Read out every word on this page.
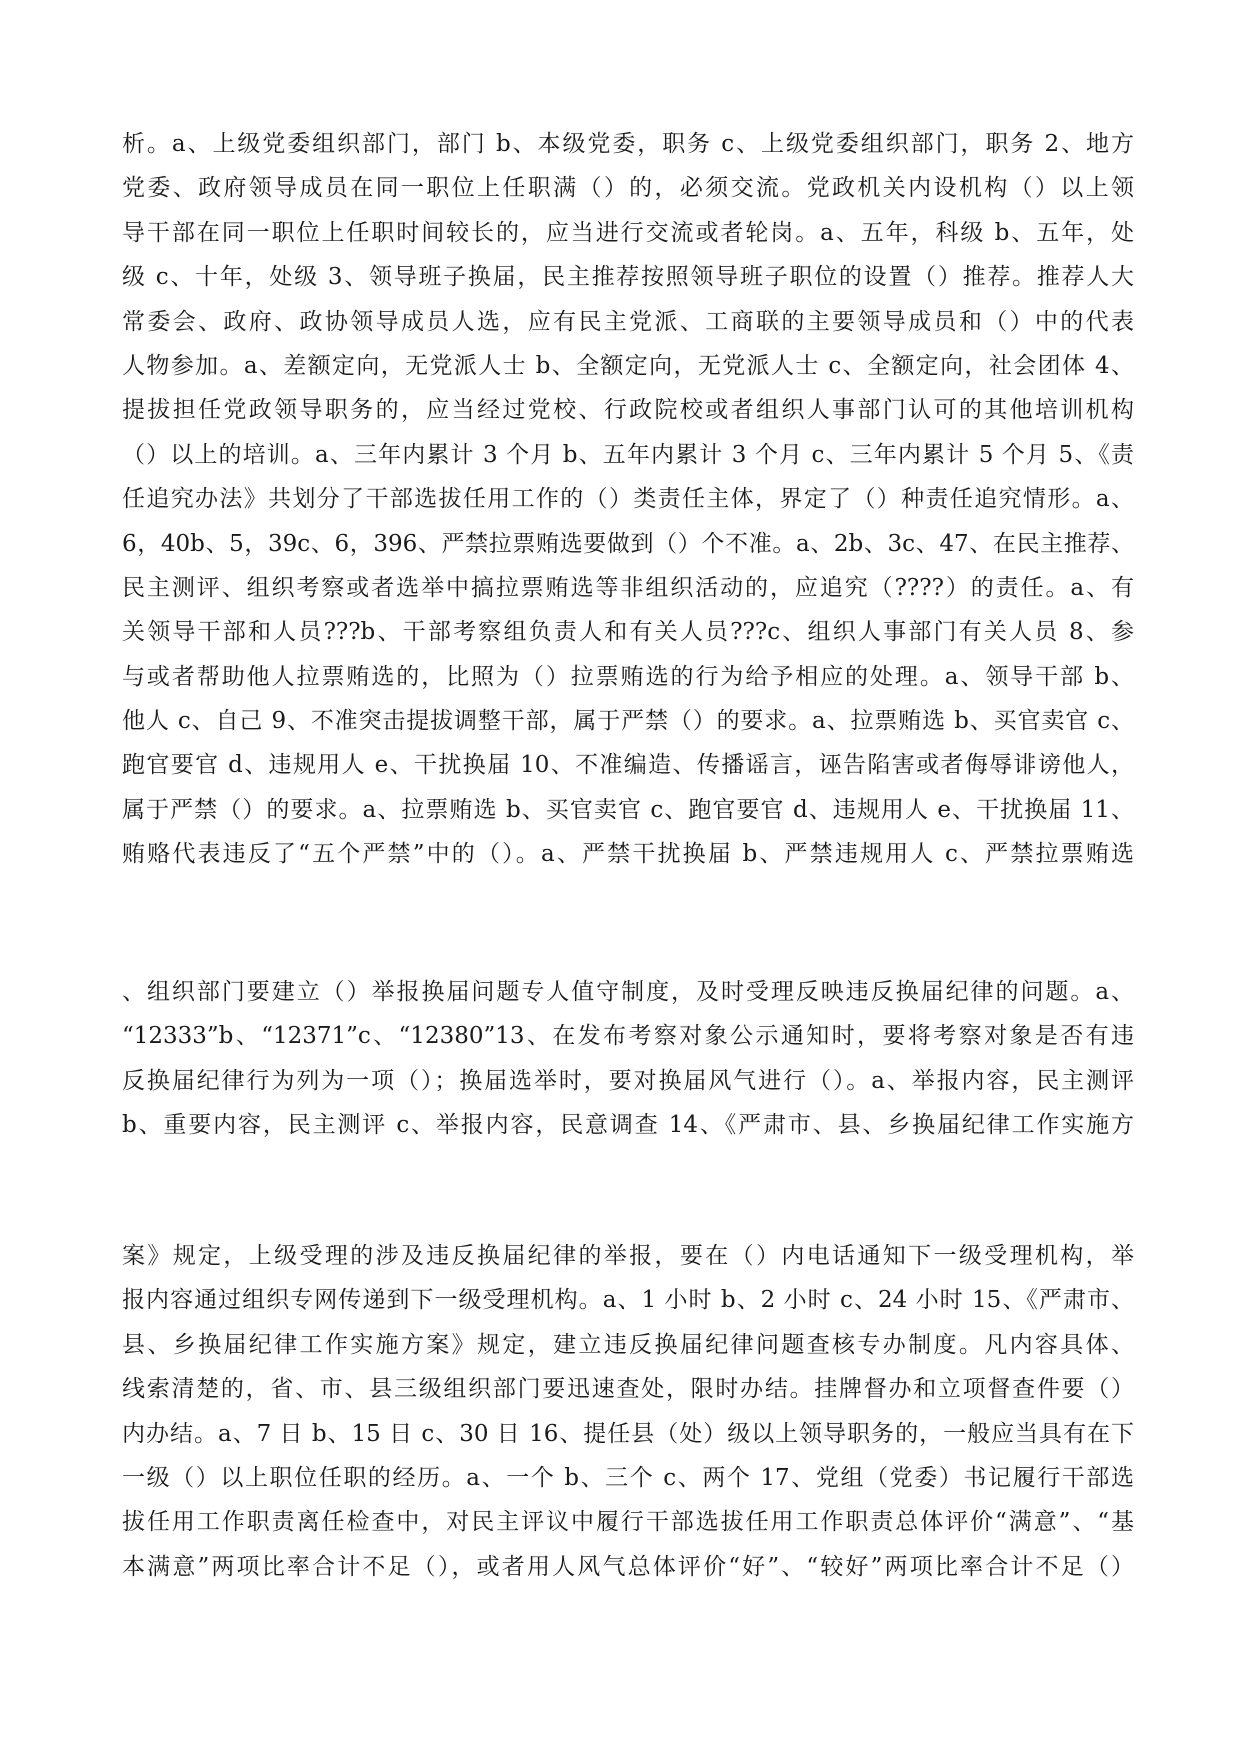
析。a、上级党委组织部门，部门 b、本级党委，职务 c、上级党委组织部门，职务 2、地方
党委、政府领导成员在同一职位上任职满（）的，必须交流。党政机关内设机构（）以上领
导干部在同一职位上任职时间较长的，应当进行交流或者轮岗。a、五年，科级 b、五年，处
级 c、十年，处级 3、领导班子换届，民主推荐按照领导班子职位的设置（）推荐。推荐人大
常委会、政府、政协领导成员人选，应有民主党派、工商联的主要领导成员和（）中的代表
人物参加。a、差额定向，无党派人士 b、全额定向，无党派人士 c、全额定向，社会团体 4、
提拔担任党政领导职务的，应当经过党校、行政院校或者组织人事部门认可的其他培训机构
（）以上的培训。a、三年内累计 3 个月 b、五年内累计 3 个月 c、三年内累计 5 个月 5、《责
任追究办法》共划分了干部选拔任用工作的（）类责任主体，界定了（）种责任追究情形。a、
6，40b、5，39c、6，396、严禁拉票贿选要做到（）个不准。a、2b、3c、47、在民主推荐、
民主测评、组织考察或者选举中搞拉票贿选等非组织活动的，应追究（????）的责任。a、有
关领导干部和人员???b、干部考察组负责人和有关人员???c、组织人事部门有关人员 8、参
与或者帮助他人拉票贿选的，比照为（）拉票贿选的行为给予相应的处理。a、领导干部 b、
他人 c、自己 9、不准突击提拔调整干部，属于严禁（）的要求。a、拉票贿选 b、买官卖官 c、
跑官要官 d、违规用人 e、干扰换届 10、不准编造、传播谣言，诬告陷害或者侮辱诽谤他人，
属于严禁（）的要求。a、拉票贿选 b、买官卖官 c、跑官要官 d、违规用人 e、干扰换届 11、
贿赂代表违反了“五个严禁”中的（）。a、严禁干扰换届 b、严禁违规用人 c、严禁拉票贿选
、组织部门要建立（）举报换届问题专人值守制度，及时受理反映违反换届纪律的问题。a、
“12333”b、“12371”c、“12380”13、在发布考察对象公示通知时，要将考察对象是否有违
反换届纪律行为列为一项（）；换届选举时，要对换届风气进行（）。a、举报内容，民主测评
b、重要内容，民主测评 c、举报内容，民意调查 14、《严肃市、县、乡换届纪律工作实施方
案》规定，上级受理的涉及违反换届纪律的举报，要在（）内电话通知下一级受理机构，举
报内容通过组织专网传递到下一级受理机构。a、1 小时 b、2 小时 c、24 小时 15、《严肃市、
县、乡换届纪律工作实施方案》规定，建立违反换届纪律问题查核专办制度。凡内容具体、
线索清楚的，省、市、县三级组织部门要迅速查处，限时办结。挂牌督办和立项督查件要（）
内办结。a、7 日 b、15 日 c、30 日 16、提任县（处）级以上领导职务的，一般应当具有在下
一级（）以上职位任职的经历。a、一个 b、三个 c、两个 17、党组（党委）书记履行干部选
拔任用工作职责离任检查中，对民主评议中履行干部选拔任用工作职责总体评价“满意”、“基
本满意”两项比率合计不足（），或者用人风气总体评价“好”、“较好”两项比率合计不足（）
